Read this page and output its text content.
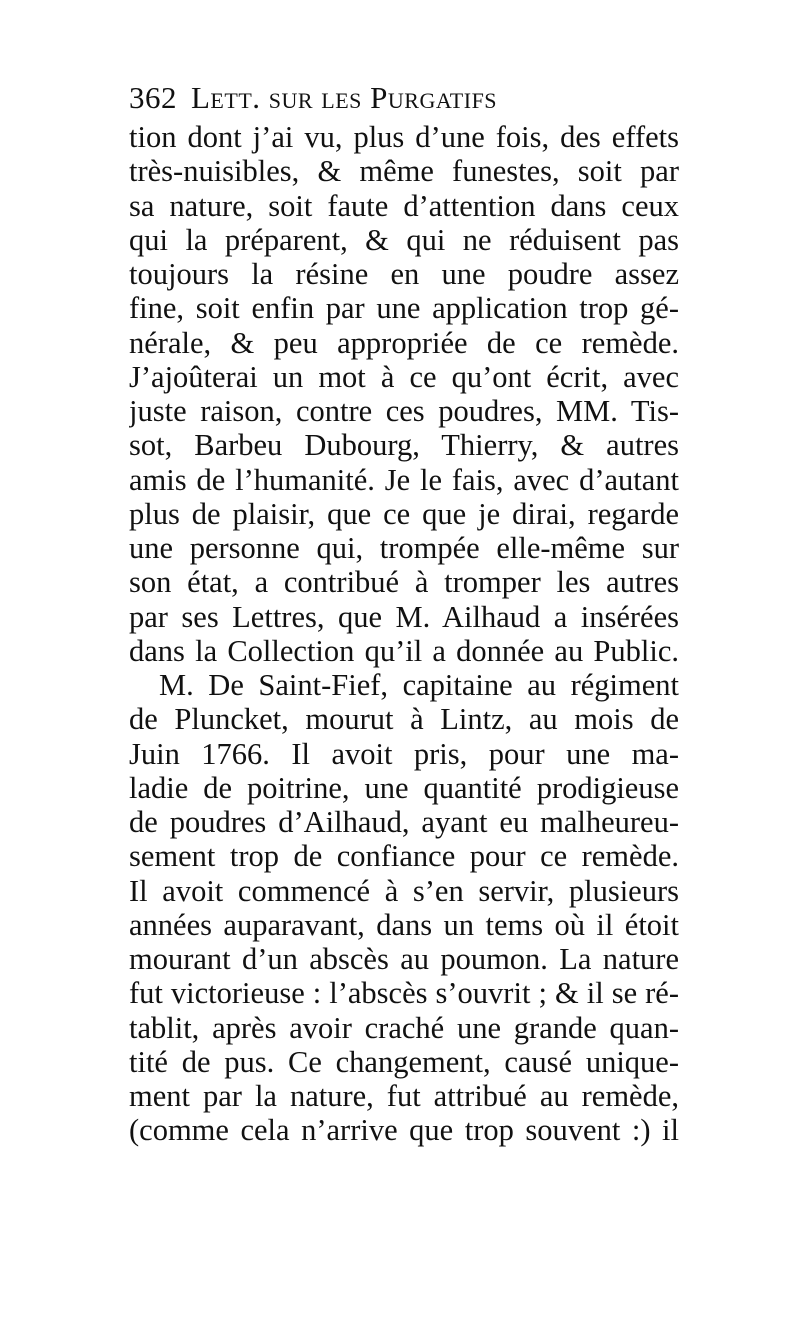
362 Lett. sur les Purgatifs
tion dont j’ai vu, plus d’une fois, des effets
très-nuisibles, & même funestes, soit par
sa nature, soit faute d’attention dans ceux
qui la préparent, & qui ne réduisent pas
toujours la résine en une poudre assez
fine, soit enfin par une application trop gé-
nérale, & peu appropriée de ce remède.
J’ajoûterai un mot à ce qu’ont écrit, avec
juste raison, contre ces poudres, MM. Tis-
sot, Barbeu Dubourg, Thierry, & autres
amis de l’humanité. Je le fais, avec d’autant
plus de plaisir, que ce que je dirai, regarde
une personne qui, trompée elle-même sur
son état, a contribué à tromper les autres
par ses Lettres, que M. Ailhaud a insérées
dans la Collection qu’il a donnée au Public.
M. De Saint-Fief, capitaine au régiment
de Pluncket, mourut à Lintz, au mois de
Juin 1766. Il avoit pris, pour une ma-
ladie de poitrine, une quantité prodigieuse
de poudres d’Ailhaud, ayant eu malheureu-
sement trop de confiance pour ce remède.
Il avoit commencé à s’en servir, plusieurs
années auparavant, dans un tems où il étoit
mourant d’un abscès au poumon. La nature
fut victorieuse : l’abscès s’ouvrit ; & il se ré-
tablit, après avoir craché une grande quan-
tité de pus. Ce changement, causé unique-
ment par la nature, fut attribué au remède,
(comme cela n’arrive que trop souvent :) il
